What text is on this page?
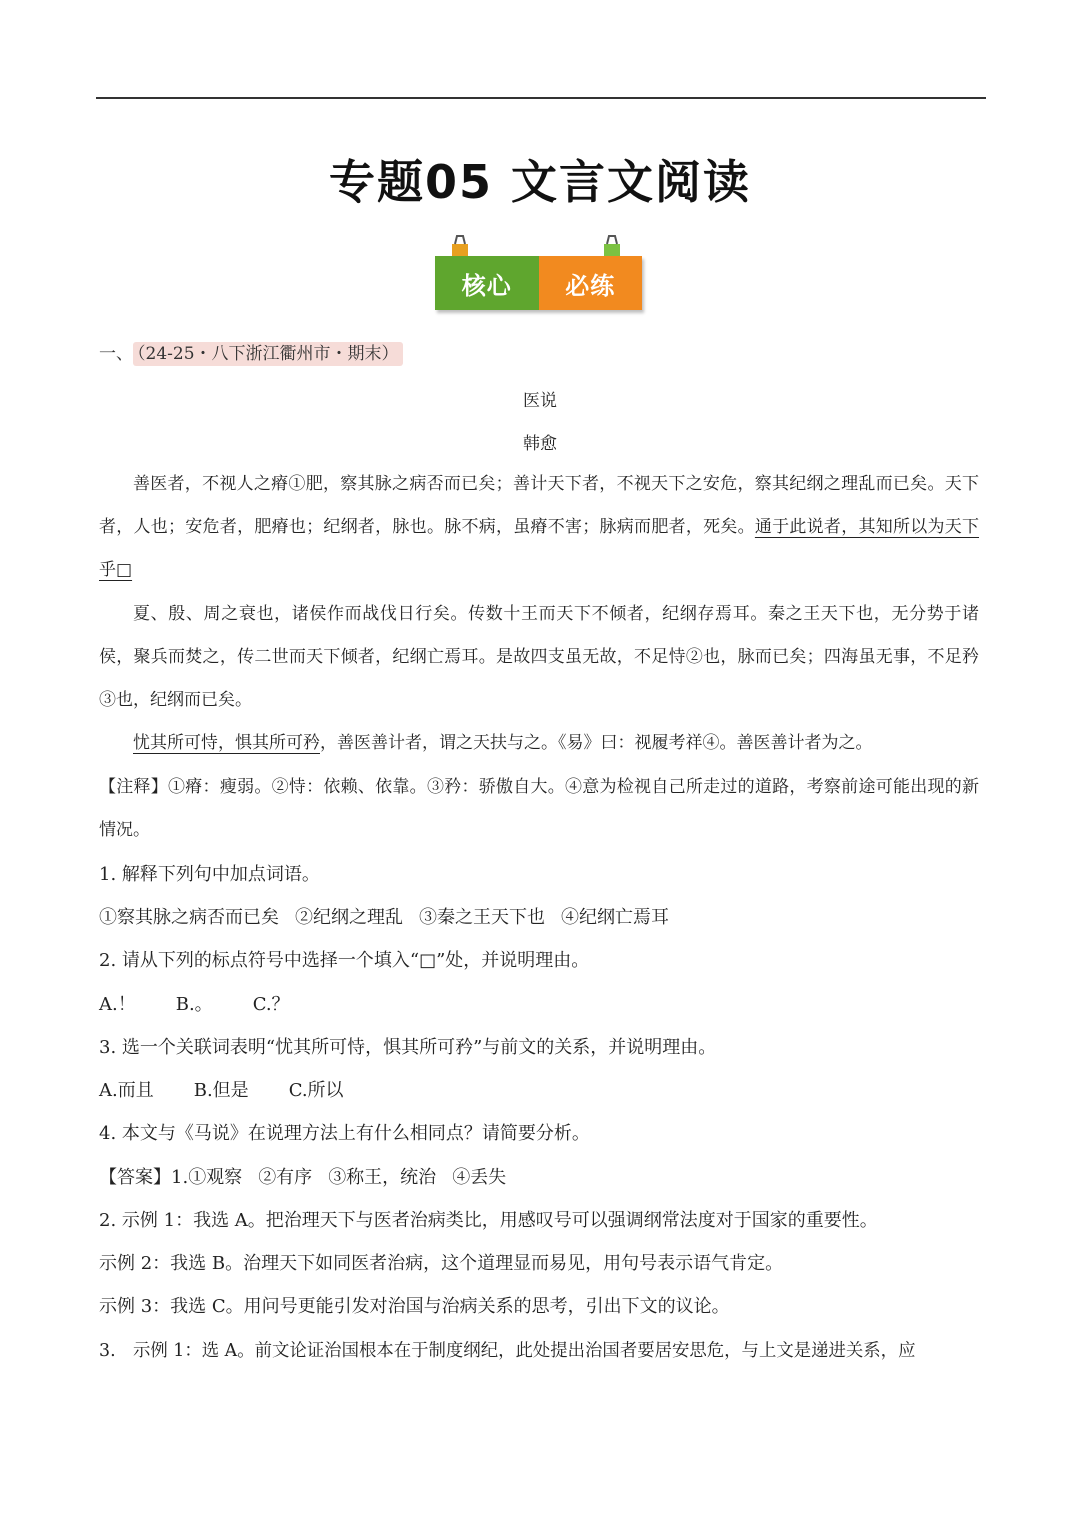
专题05 文言文阅读
核心	必练
一、 （24-25・八下浙江衢州市・期末）
医说
韩愈

善医者，不视人之瘠①肥，察其脉之病否而已矣；善计天下者，不视天下之安危，察其纪纲之理乱而已矣。天下者，人也；安危者，肥瘠也；纪纲者，脉也。脉不病，虽瘠不害；脉病而肥者，死矣。通于此说者，其知所以为天下乎□

夏、殷、周之衰也，诸侯作而战伐日行矣。传数十王而天下不倾者，纪纲存焉耳。秦之王天下也，无分势于诸侯，聚兵而焚之，传二世而天下倾者，纪纲亡焉耳。是故四支虽无故，不足恃②也，脉而已矣；四海虽无事，不足矜③也，纪纲而已矣。

忧其所可恃，惧其所可矜，善医善计者，谓之天扶与之。《易》曰：视履考祥④。善医善计者为之。

【注释】①瘠：瘦弱。②恃：依赖、依靠。③矜：骄傲自大。④意为检视自己所走过的道路，考察前途可能出现的新情况。

1. 解释下列句中加点词语。
①察其脉之病否而已矣 ②纪纲之理乱 ③秦之王天下也 ④纪纲亡焉耳
2. 请从下列的标点符号中选择一个填入“□”处，并说明理由。
A.！ B.。 C.？
3. 选一个关联词表明“忧其所可恃，惧其所可矜”与前文的关系，并说明理由。
A.而且 B.但是 C.所以
4. 本文与《马说》在说理方法上有什么相同点？请简要分析。
【答案】1.①观察 ②有序 ③称王，统治 ④丢失
2. 示例 1：我选 A。把治理天下与医者治病类比，用感叹号可以强调纲常法度对于国家的重要性。
示例 2：我选 B。治理天下如同医者治病，这个道理显而易见，用句号表示语气肯定。
示例 3：我选 C。用问号更能引发对治国与治病关系的思考，引出下文的议论。
3.　示例 1：选 A。前文论证治国根本在于制度纲纪，此处提出治国者要居安思危，与上文是递进关系，应
